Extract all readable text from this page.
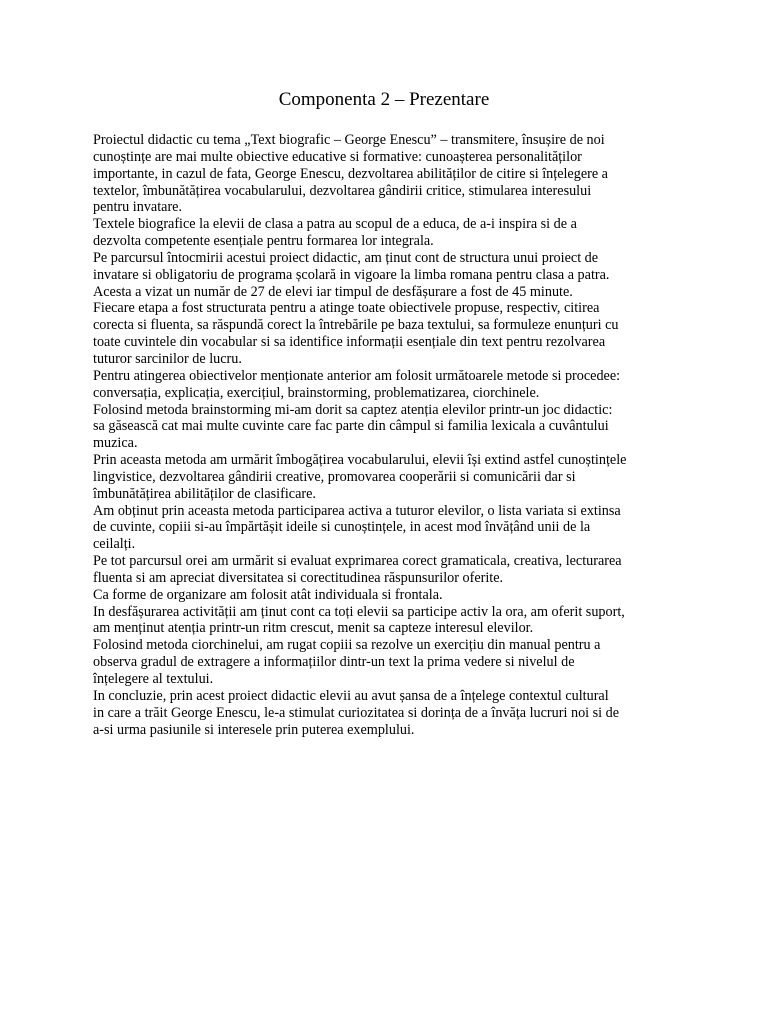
Componenta 2 – Prezentare
Proiectul didactic cu tema „Text biografic – George Enescu” – transmitere, însușire de noi
cunoștințe are mai multe obiective educative si formative: cunoașterea personalităților
importante, in cazul de fata, George Enescu, dezvoltarea abilităților de citire si înțelegere a
textelor, îmbunătățirea vocabularului, dezvoltarea gândirii critice, stimularea interesului
pentru invatare.
Textele biografice la elevii de clasa a patra au scopul de a educa, de a-i inspira si de a
dezvolta competente esențiale pentru formarea lor integrala.
Pe parcursul întocmirii acestui proiect didactic, am ținut cont de structura unui proiect de
invatare si obligatoriu de programa școlară in vigoare la limba romana pentru clasa a patra.
Acesta a vizat un număr de 27 de elevi iar timpul de desfășurare a fost de 45 minute.
Fiecare etapa a fost structurata pentru a atinge toate obiectivele propuse, respectiv, citirea
corecta si fluenta, sa răspundă corect la întrebările pe baza textului, sa formuleze enunțuri cu
toate cuvintele din vocabular si sa identifice informații esențiale din text pentru rezolvarea
tuturor sarcinilor de lucru.
Pentru atingerea obiectivelor menționate anterior am folosit următoarele metode si procedee:
conversația, explicația, exercițiul, brainstorming, problematizarea, ciorchinele.
Folosind metoda brainstorming mi-am dorit sa captez atenția elevilor printr-un joc didactic:
sa găsească cat mai multe cuvinte care fac parte din câmpul si familia lexicala a cuvântului
muzica.
Prin aceasta metoda am urmărit îmbogățirea vocabularului, elevii își extind astfel cunoștințele
lingvistice, dezvoltarea gândirii creative, promovarea cooperării si comunicării dar si
îmbunătățirea abilităților de clasificare.
Am obținut prin aceasta metoda participarea activa a tuturor elevilor, o lista variata si extinsa
de cuvinte, copiii si-au împărtășit ideile si cunoștințele, in acest mod învățând unii de la
ceilalți.
Pe tot parcursul orei am urmărit si evaluat exprimarea corect gramaticala, creativa, lecturarea
fluenta si am apreciat diversitatea si corectitudinea răspunsurilor oferite.
Ca forme de organizare am folosit atât individuala si frontala.
In desfășurarea activității am ținut cont ca toți elevii sa participe activ la ora, am oferit suport,
am menținut atenția printr-un ritm crescut, menit sa capteze interesul elevilor.
Folosind metoda ciorchinelui, am rugat copiii sa rezolve un exercițiu din manual pentru a
observa gradul de extragere a informațiilor dintr-un text la prima vedere si nivelul de
înțelegere al textului.
In concluzie, prin acest proiect didactic elevii au avut șansa de a înțelege contextul cultural
in care a trăit George Enescu, le-a stimulat curiozitatea si dorința de a învăța lucruri noi si de
a-si urma pasiunile si interesele prin puterea exemplului.
